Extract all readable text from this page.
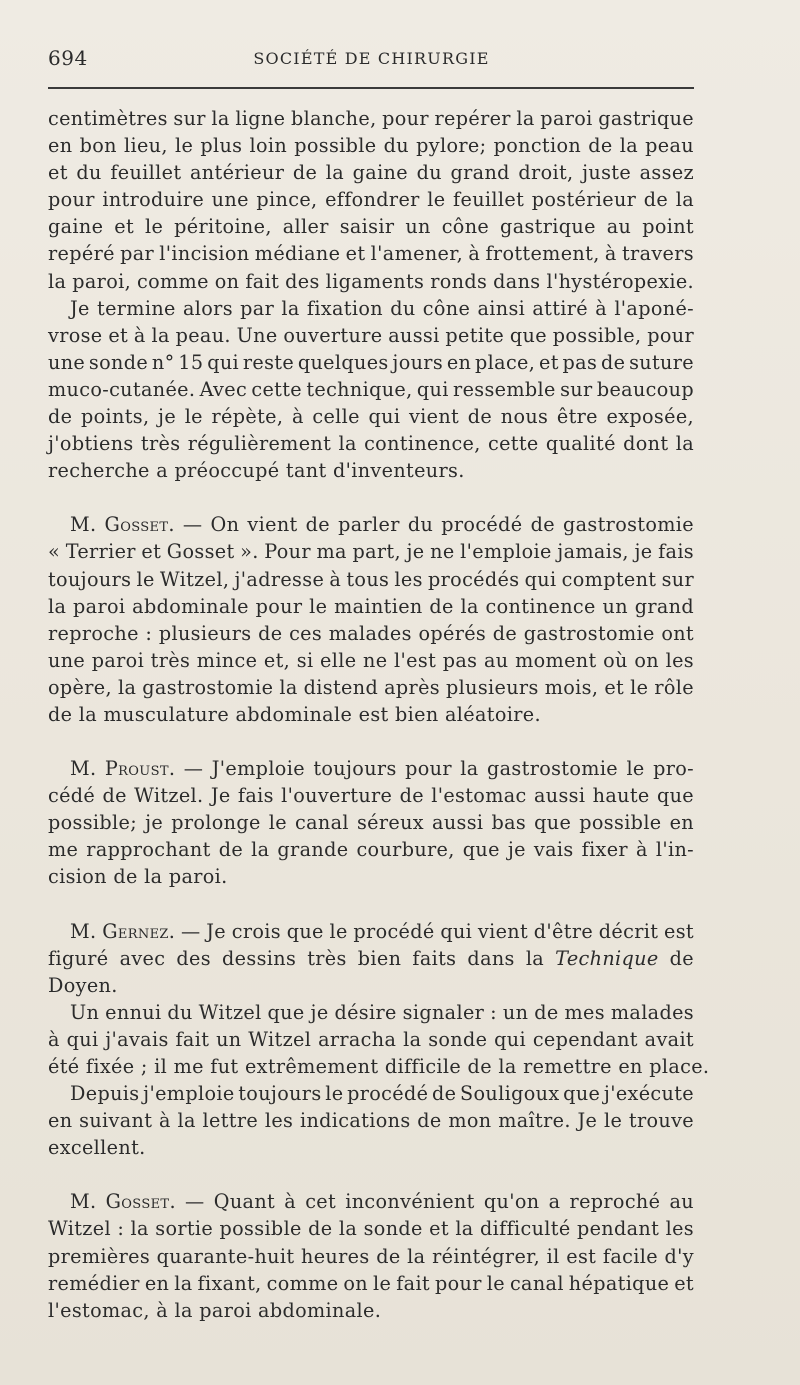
694	SOCIÉTÉ DE CHIRURGIE

centimètres sur la ligne blanche, pour repérer la paroi gastrique
en bon lieu, le plus loin possible du pylore; ponction de la peau
et du feuillet antérieur de la gaine du grand droit, juste assez
pour introduire une pince, effondrer le feuillet postérieur de la
gaine et le péritoine, aller saisir un cône gastrique au point
repéré par l'incision médiane et l'amener, à frottement, à travers
la paroi, comme on fait des ligaments ronds dans l'hystéropexie.

Je termine alors par la fixation du cône ainsi attiré à l'aponé-
vrose et à la peau. Une ouverture aussi petite que possible, pour
une sonde n° 15 qui reste quelques jours en place, et pas de suture
muco-cutanée. Avec cette technique, qui ressemble sur beaucoup
de points, je le répète, à celle qui vient de nous être exposée,
j'obtiens très régulièrement la continence, cette qualité dont la
recherche a préoccupé tant d'inventeurs.

M. Gosset. — On vient de parler du procédé de gastrostomie
« Terrier et Gosset ». Pour ma part, je ne l'emploie jamais, je fais
toujours le Witzel, j'adresse à tous les procédés qui comptent sur
la paroi abdominale pour le maintien de la continence un grand
reproche : plusieurs de ces malades opérés de gastrostomie ont
une paroi très mince et, si elle ne l'est pas au moment où on les
opère, la gastrostomie la distend après plusieurs mois, et le rôle
de la musculature abdominale est bien aléatoire.

M. Proust. — J'emploie toujours pour la gastrostomie le pro-
cédé de Witzel. Je fais l'ouverture de l'estomac aussi haute que
possible; je prolonge le canal séreux aussi bas que possible en
me rapprochant de la grande courbure, que je vais fixer à l'in-
cision de la paroi.

M. Gernez. — Je crois que le procédé qui vient d'être décrit est
figuré avec des dessins très bien faits dans la Technique de
Doyen.

Un ennui du Witzel que je désire signaler : un de mes malades
à qui j'avais fait un Witzel arracha la sonde qui cependant avait
été fixée ; il me fut extrêmement difficile de la remettre en place.

Depuis j'emploie toujours le procédé de Souligoux que j'exécute
en suivant à la lettre les indications de mon maître. Je le trouve
excellent.

M. Gosset. — Quant à cet inconvénient qu'on a reproché au
Witzel : la sortie possible de la sonde et la difficulté pendant les
premières quarante-huit heures de la réintégrer, il est facile d'y
remédier en la fixant, comme on le fait pour le canal hépatique et
l'estomac, à la paroi abdominale.
